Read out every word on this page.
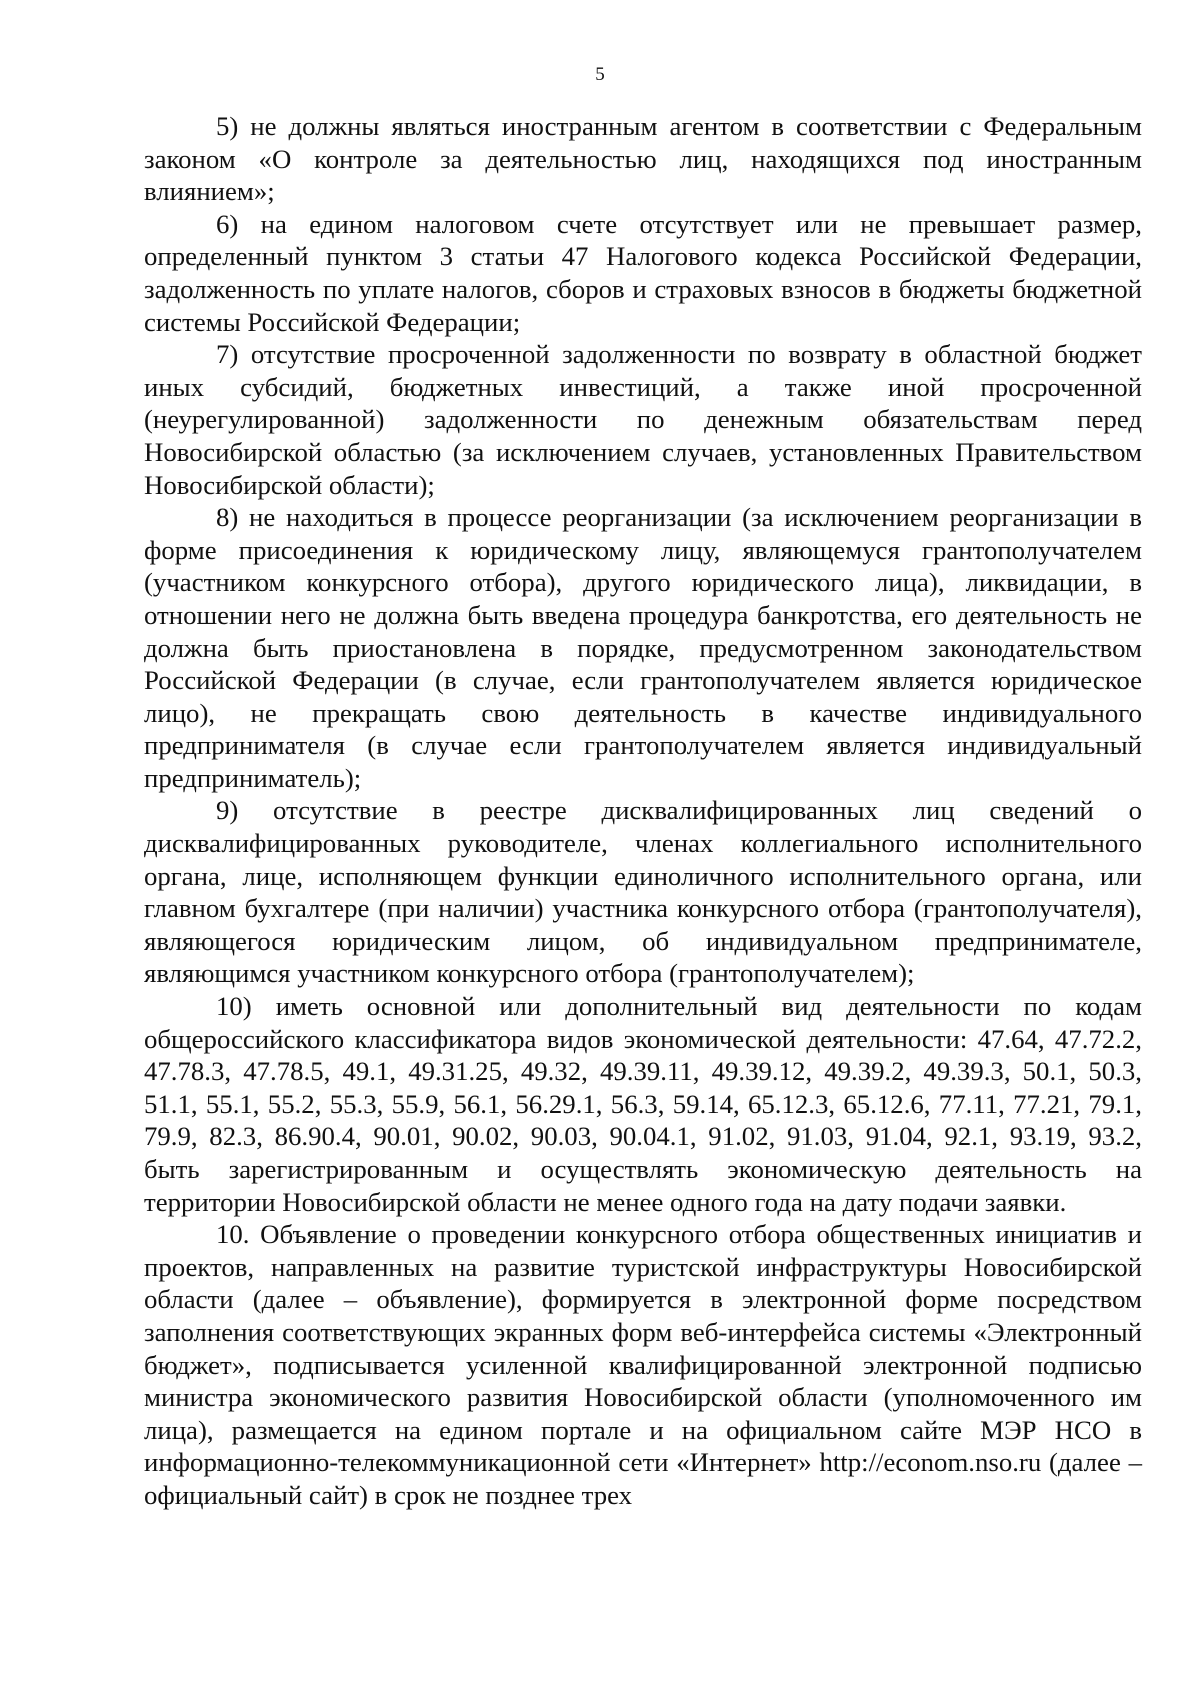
5

5) не должны являться иностранным агентом в соответствии с Федеральным законом «О контроле за деятельностью лиц, находящихся под иностранным влиянием»;

6) на едином налоговом счете отсутствует или не превышает размер, определенный пунктом 3 статьи 47 Налогового кодекса Российской Федерации, задолженность по уплате налогов, сборов и страховых взносов в бюджеты бюджетной системы Российской Федерации;

7) отсутствие просроченной задолженности по возврату в областной бюджет иных субсидий, бюджетных инвестиций, а также иной просроченной (неурегулированной) задолженности по денежным обязательствам перед Новосибирской областью (за исключением случаев, установленных Правительством Новосибирской области);

8) не находиться в процессе реорганизации (за исключением реорганизации в форме присоединения к юридическому лицу, являющемуся грантополучателем (участником конкурсного отбора), другого юридического лица), ликвидации, в отношении него не должна быть введена процедура банкротства, его деятельность не должна быть приостановлена в порядке, предусмотренном законодательством Российской Федерации (в случае, если грантополучателем является юридическое лицо), не прекращать свою деятельность в качестве индивидуального предпринимателя (в случае если грантополучателем является индивидуальный предприниматель);

9) отсутствие в реестре дисквалифицированных лиц сведений о дисквалифицированных руководителе, членах коллегиального исполнительного органа, лице, исполняющем функции единоличного исполнительного органа, или главном бухгалтере (при наличии) участника конкурсного отбора (грантополучателя), являющегося юридическим лицом, об индивидуальном предпринимателе, являющимся участником конкурсного отбора (грантополучателем);

10) иметь основной или дополнительный вид деятельности по кодам общероссийского классификатора видов экономической деятельности: 47.64, 47.72.2, 47.78.3, 47.78.5, 49.1, 49.31.25, 49.32, 49.39.11, 49.39.12, 49.39.2, 49.39.3, 50.1, 50.3, 51.1, 55.1, 55.2, 55.3, 55.9, 56.1, 56.29.1, 56.3, 59.14, 65.12.3, 65.12.6, 77.11, 77.21, 79.1, 79.9, 82.3, 86.90.4, 90.01, 90.02, 90.03, 90.04.1, 91.02, 91.03, 91.04, 92.1, 93.19, 93.2, быть зарегистрированным и осуществлять экономическую деятельность на территории Новосибирской области не менее одного года на дату подачи заявки.

10. Объявление о проведении конкурсного отбора общественных инициатив и проектов, направленных на развитие туристской инфраструктуры Новосибирской области (далее – объявление), формируется в электронной форме посредством заполнения соответствующих экранных форм веб-интерфейса системы «Электронный бюджет», подписывается усиленной квалифицированной электронной подписью министра экономического развития Новосибирской области (уполномоченного им лица), размещается на едином портале и на официальном сайте МЭР НСО в информационно-телекоммуникационной сети «Интернет» http://econom.nso.ru (далее – официальный сайт) в срок не позднее трех
